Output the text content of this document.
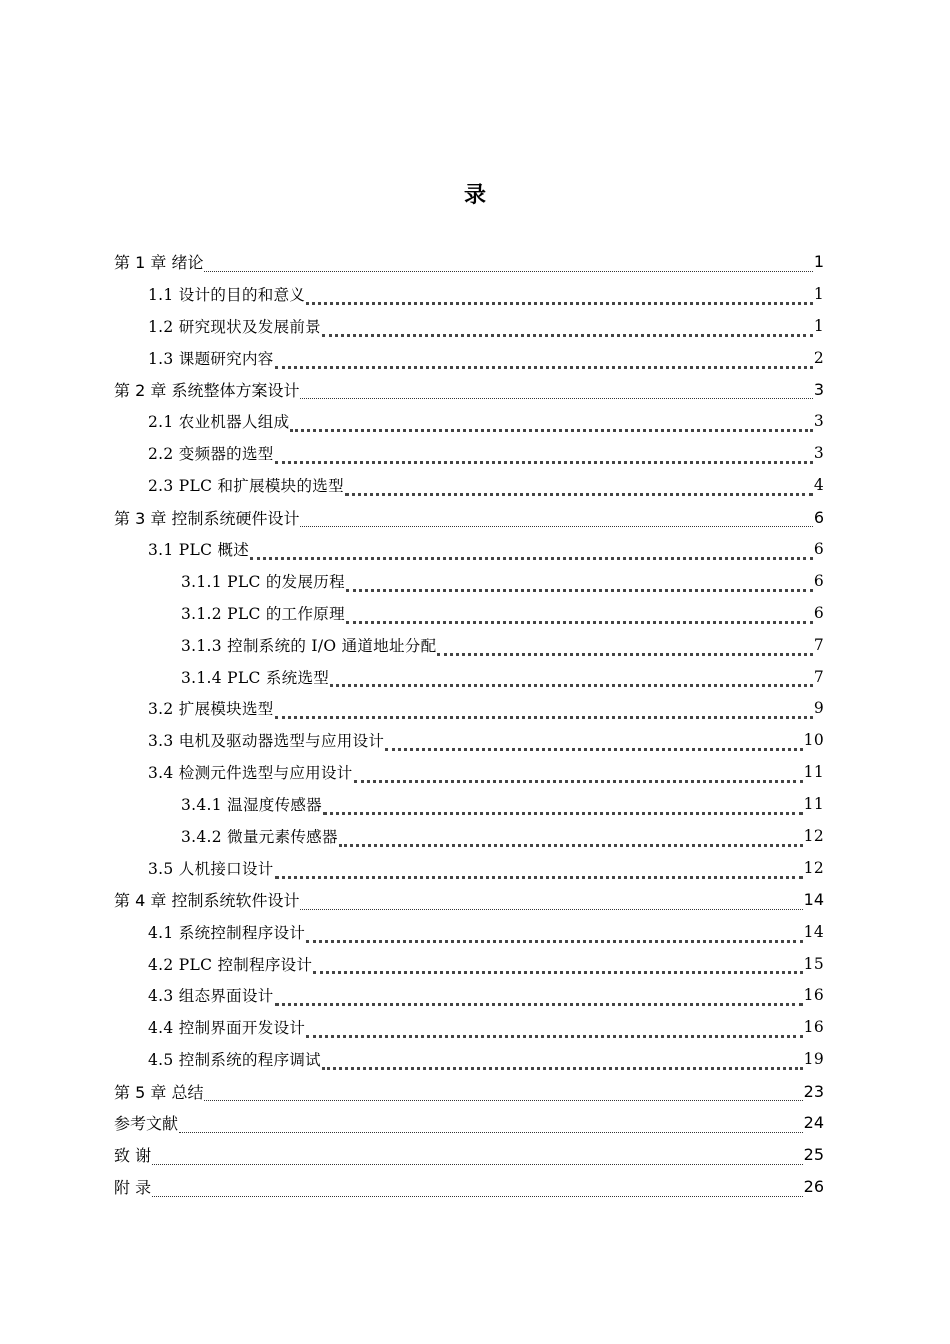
录
第 1 章 绪论	1
1.1 设计的目的和意义	1
1.2 研究现状及发展前景	1
1.3 课题研究内容	2
第 2 章 系统整体方案设计	3
2.1 农业机器人组成	3
2.2 变频器的选型	3
2.3 PLC 和扩展模块的选型	4
第 3 章 控制系统硬件设计	6
3.1 PLC 概述	6
3.1.1 PLC 的发展历程	6
3.1.2 PLC 的工作原理	6
3.1.3 控制系统的 I/O 通道地址分配	7
3.1.4 PLC 系统选型	7
3.2 扩展模块选型	9
3.3 电机及驱动器选型与应用设计	10
3.4 检测元件选型与应用设计	11
3.4.1 温湿度传感器	11
3.4.2 微量元素传感器	12
3.5 人机接口设计	12
第 4 章 控制系统软件设计	14
4.1 系统控制程序设计	14
4.2 PLC 控制程序设计	15
4.3 组态界面设计	16
4.4 控制界面开发设计	16
4.5 控制系统的程序调试	19
第 5 章 总结	23
参考文献	24
致 谢	25
附 录	26
